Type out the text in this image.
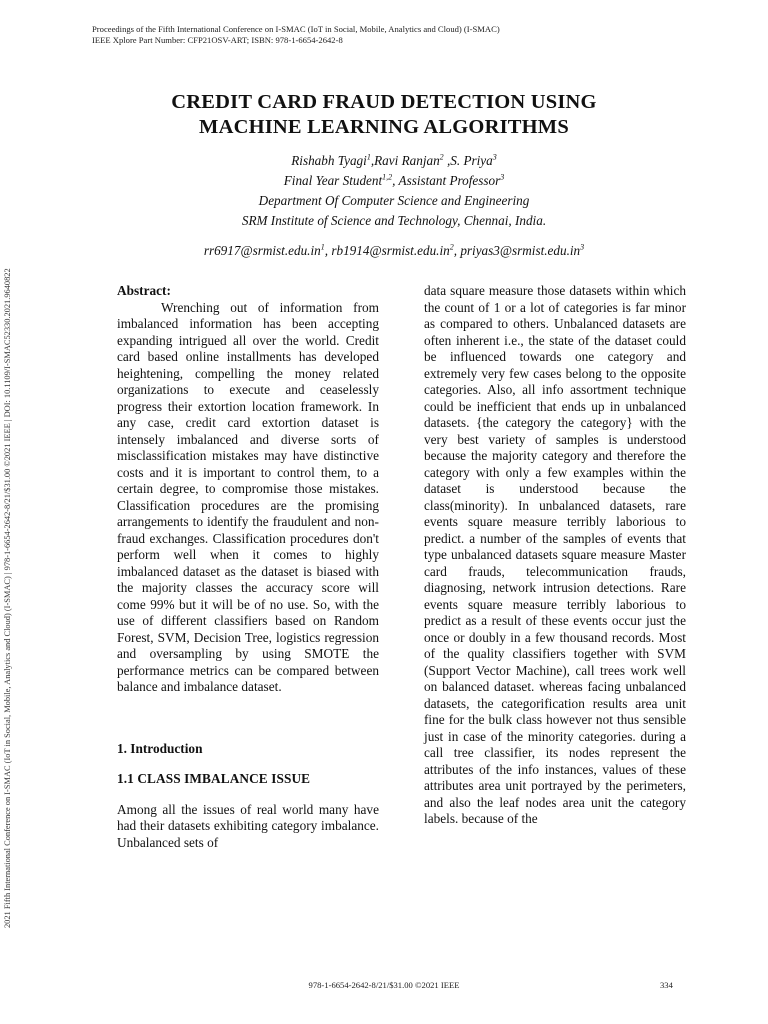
Proceedings of the Fifth International Conference on I-SMAC (IoT in Social, Mobile, Analytics and Cloud) (I-SMAC)
IEEE Xplore Part Number: CFP21OSV-ART; ISBN: 978-1-6654-2642-8
2021 Fifth International Conference on I-SMAC (IoT in Social, Mobile, Analytics and Cloud) (I-SMAC) | 978-1-6654-2642-8/21/$31.00 ©2021 IEEE | DOI: 10.1109/I-SMAC52330.2021.9640822
CREDIT CARD FRAUD DETECTION USING
MACHINE LEARNING ALGORITHMS
Rishabh Tyagi$^1$,Ravi Ranjan$^2$ ,S. Priya$^3$
Final Year Student$^{1,2}$, Assistant Professor$^3$
Department Of Computer Science and Engineering
SRM Institute of Science and Technology, Chennai, India.
$rr6917@srmist.edu.in^1$, $rb1914@srmist.edu.in^2$, $priyas3@srmist.edu.in^3$

Abstract:

Wrenching out of information from imbalanced information has been accepting expanding intrigued all over the world. Credit card based online installments has developed heightening, compelling the money related organizations to execute and ceaselessly progress their extortion location framework. In any case, credit card extortion dataset is intensely imbalanced and diverse sorts of misclassification mistakes may have distinctive costs and it is important to control them, to a certain degree, to compromise those mistakes. Classification procedures are the promising arrangements to identify the fraudulent and non-fraud exchanges. Classification procedures don't perform well when it comes to highly imbalanced dataset as the dataset is biased with the majority classes the accuracy score will come 99% but it will be of no use. So, with the use of different classifiers based on Random Forest, SVM, Decision Tree, logistics regression and oversampling by using SMOTE the performance metrics can be compared between balance and imbalance dataset.

1. Introduction

1.1 CLASS IMBALANCE ISSUE

Among all the issues of real world many have had their datasets exhibiting category imbalance. Unbalanced sets of

data square measure those datasets within which the count of 1 or a lot of categories is far minor as compared to others. Unbalanced datasets are often inherent i.e., the state of the dataset could be influenced towards one category and extremely very few cases belong to the opposite categories. Also, all info assortment technique could be inefficient that ends up in unbalanced datasets. {the category the category} with the very best variety of samples is understood because the majority category and therefore the category with only a few examples within the dataset is understood because the class(minority). In unbalanced datasets, rare events square measure terribly laborious to predict. a number of the samples of events that type unbalanced datasets square measure Master card frauds, telecommunication frauds, diagnosing, network intrusion detections. Rare events square measure terribly laborious to predict as a result of these events occur just the once or doubly in a few thousand records. Most of the quality classifiers together with SVM (Support Vector Machine), call trees work well on balanced dataset. whereas facing unbalanced datasets, the categorification results area unit fine for the bulk class however not thus sensible just in case of the minority categories. during a call tree classifier, its nodes represent the attributes of the info instances, values of these attributes area unit portrayed by the perimeters, and also the leaf nodes area unit the category labels. because of the

978-1-6654-2642-8/21/$31.00 ©2021 IEEE	334
